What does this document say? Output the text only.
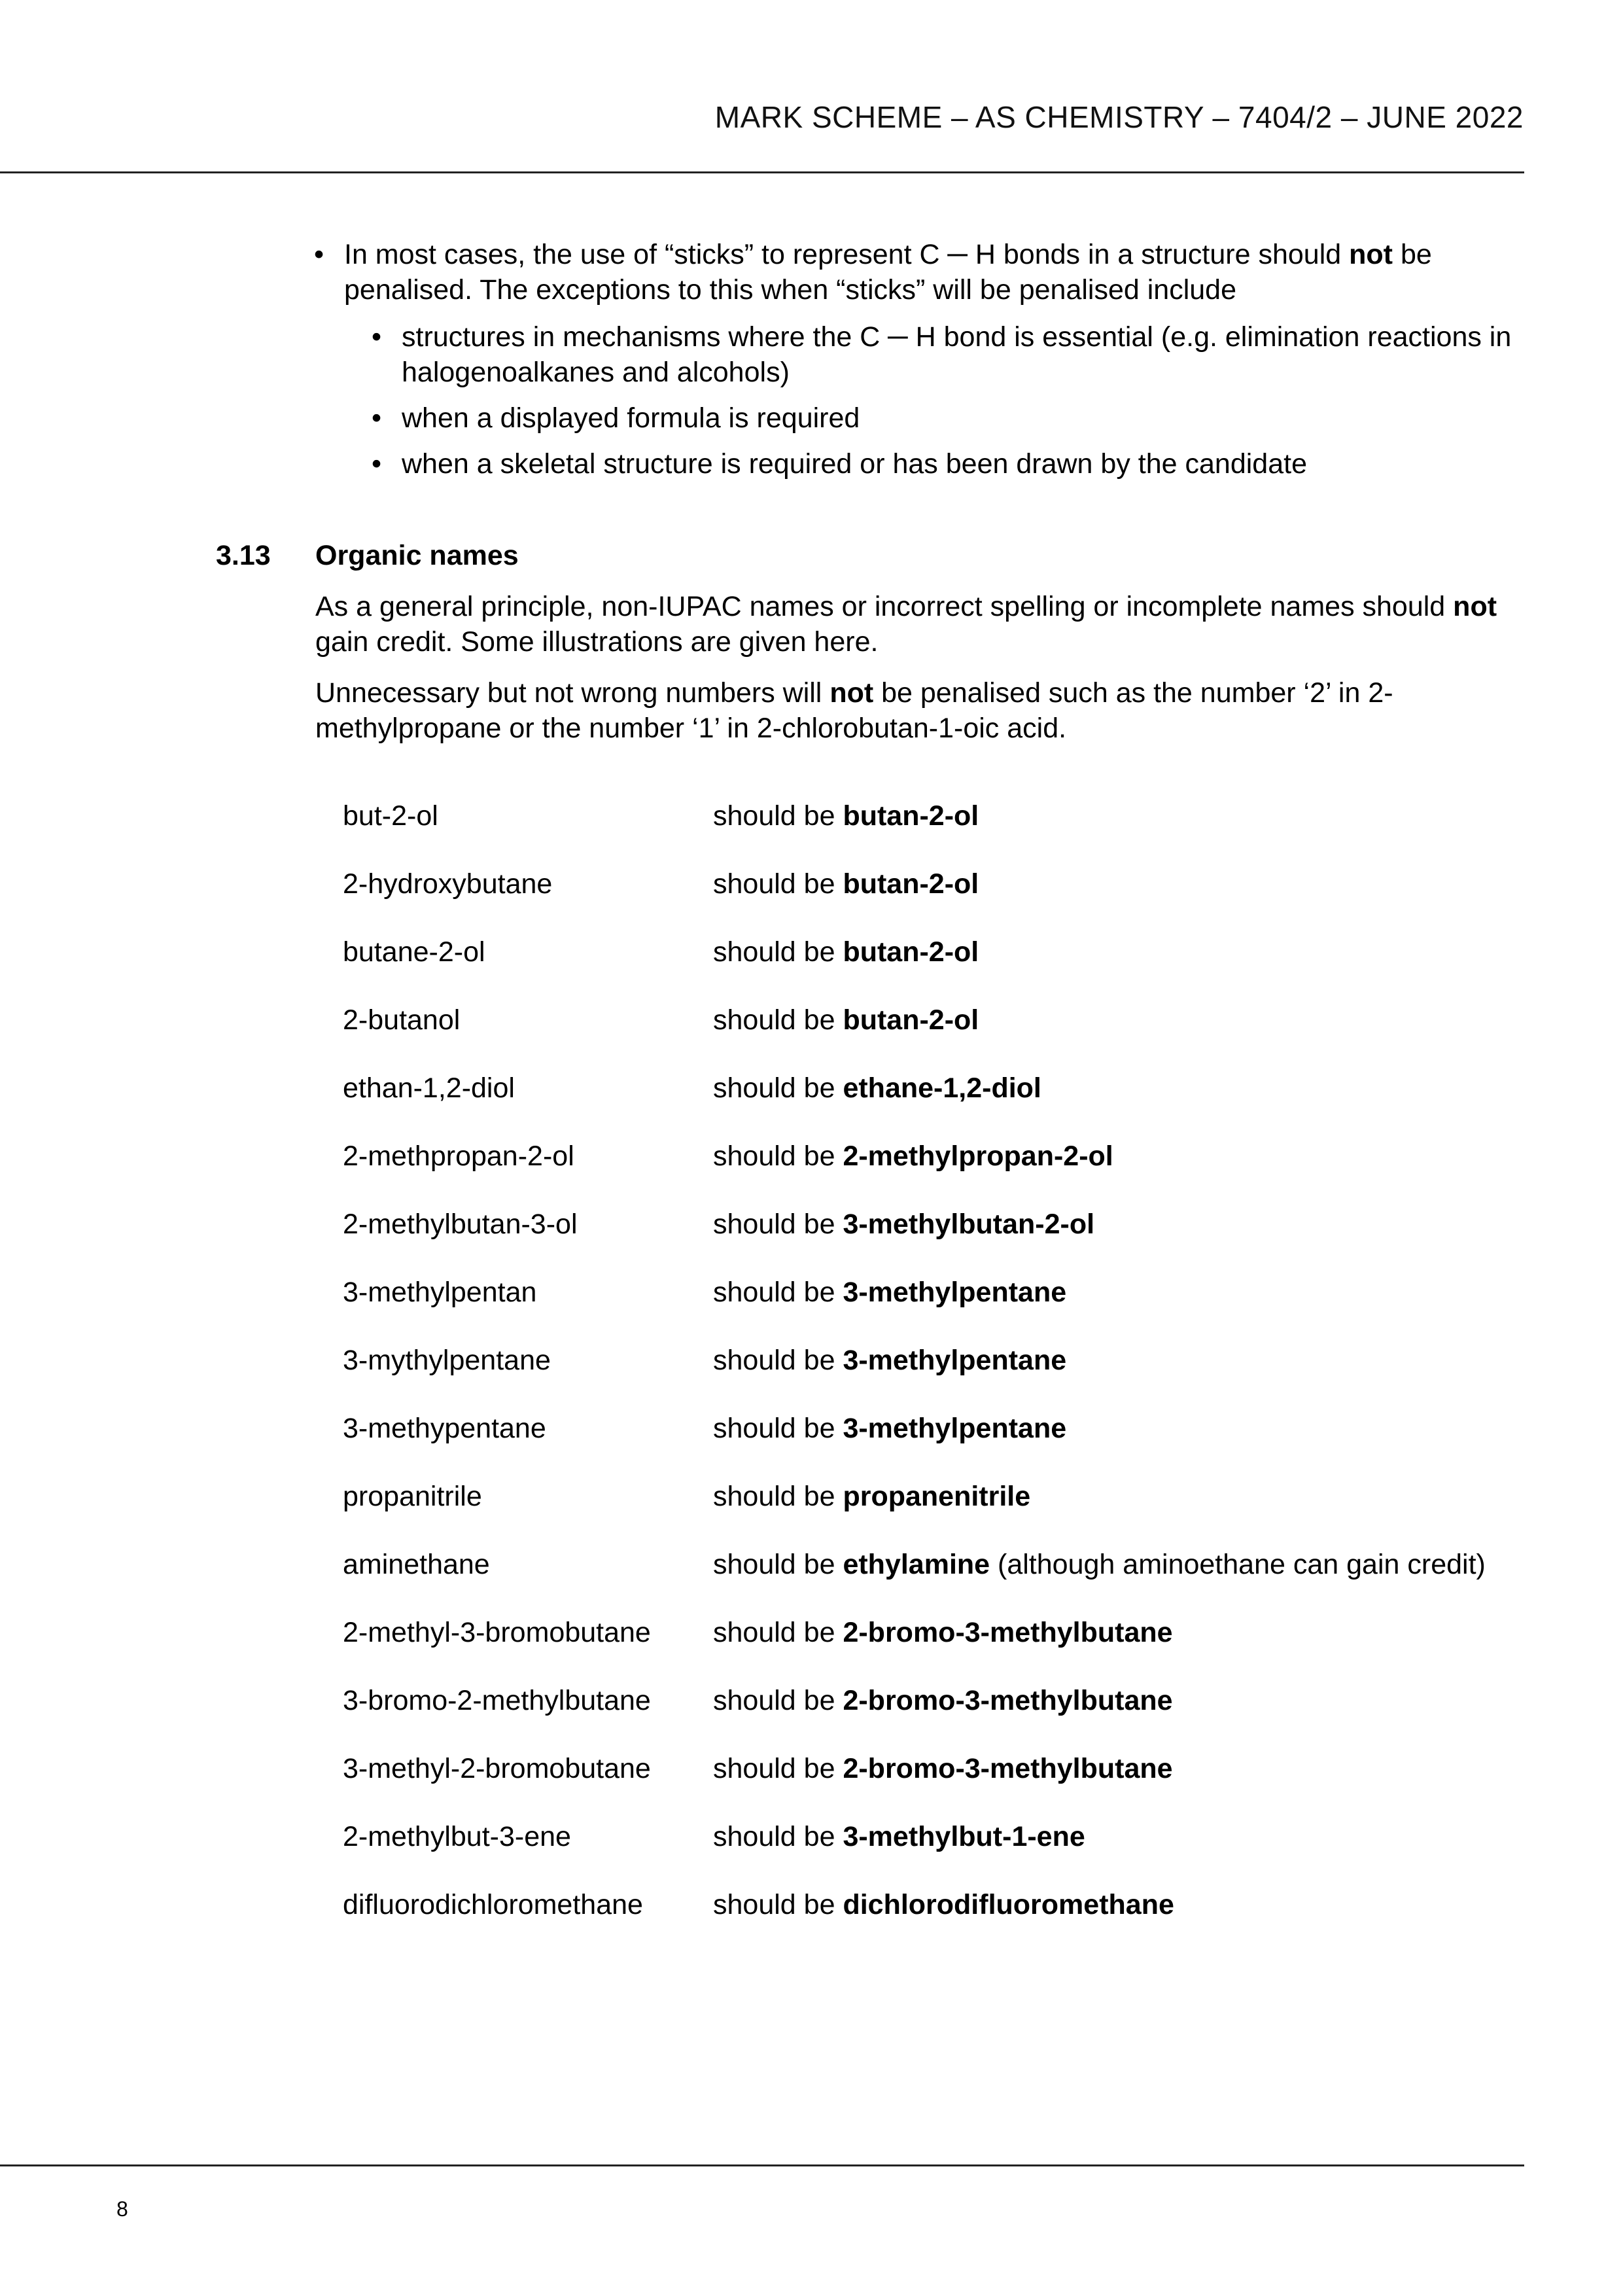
MARK SCHEME – AS CHEMISTRY – 7404/2 – JUNE 2022
• In most cases, the use of “sticks” to represent C ─ H bonds in a structure should not be penalised. The exceptions to this when “sticks” will be penalised include
• structures in mechanisms where the C ─ H bond is essential (e.g. elimination reactions in halogenoalkanes and alcohols)
• when a displayed formula is required
• when a skeletal structure is required or has been drawn by the candidate
3.13	Organic names
As a general principle, non-IUPAC names or incorrect spelling or incomplete names should not gain credit. Some illustrations are given here.
Unnecessary but not wrong numbers will not be penalised such as the number ‘2’ in 2-methylpropane or the number ‘1’ in 2-chlorobutan-1-oic acid.
but-2-ol	should be butan-2-ol
2-hydroxybutane	should be butan-2-ol
butane-2-ol	should be butan-2-ol
2-butanol	should be butan-2-ol
ethan-1,2-diol	should be ethane-1,2-diol
2-methpropan-2-ol	should be 2-methylpropan-2-ol
2-methylbutan-3-ol	should be 3-methylbutan-2-ol
3-methylpentan	should be 3-methylpentane
3-mythylpentane	should be 3-methylpentane
3-methypentane	should be 3-methylpentane
propanitrile	should be propanenitrile
aminethane	should be ethylamine (although aminoethane can gain credit)
2-methyl-3-bromobutane	should be 2-bromo-3-methylbutane
3-bromo-2-methylbutane	should be 2-bromo-3-methylbutane
3-methyl-2-bromobutane	should be 2-bromo-3-methylbutane
2-methylbut-3-ene	should be 3-methylbut-1-ene
difluorodichloromethane	should be dichlorodifluoromethane
8
